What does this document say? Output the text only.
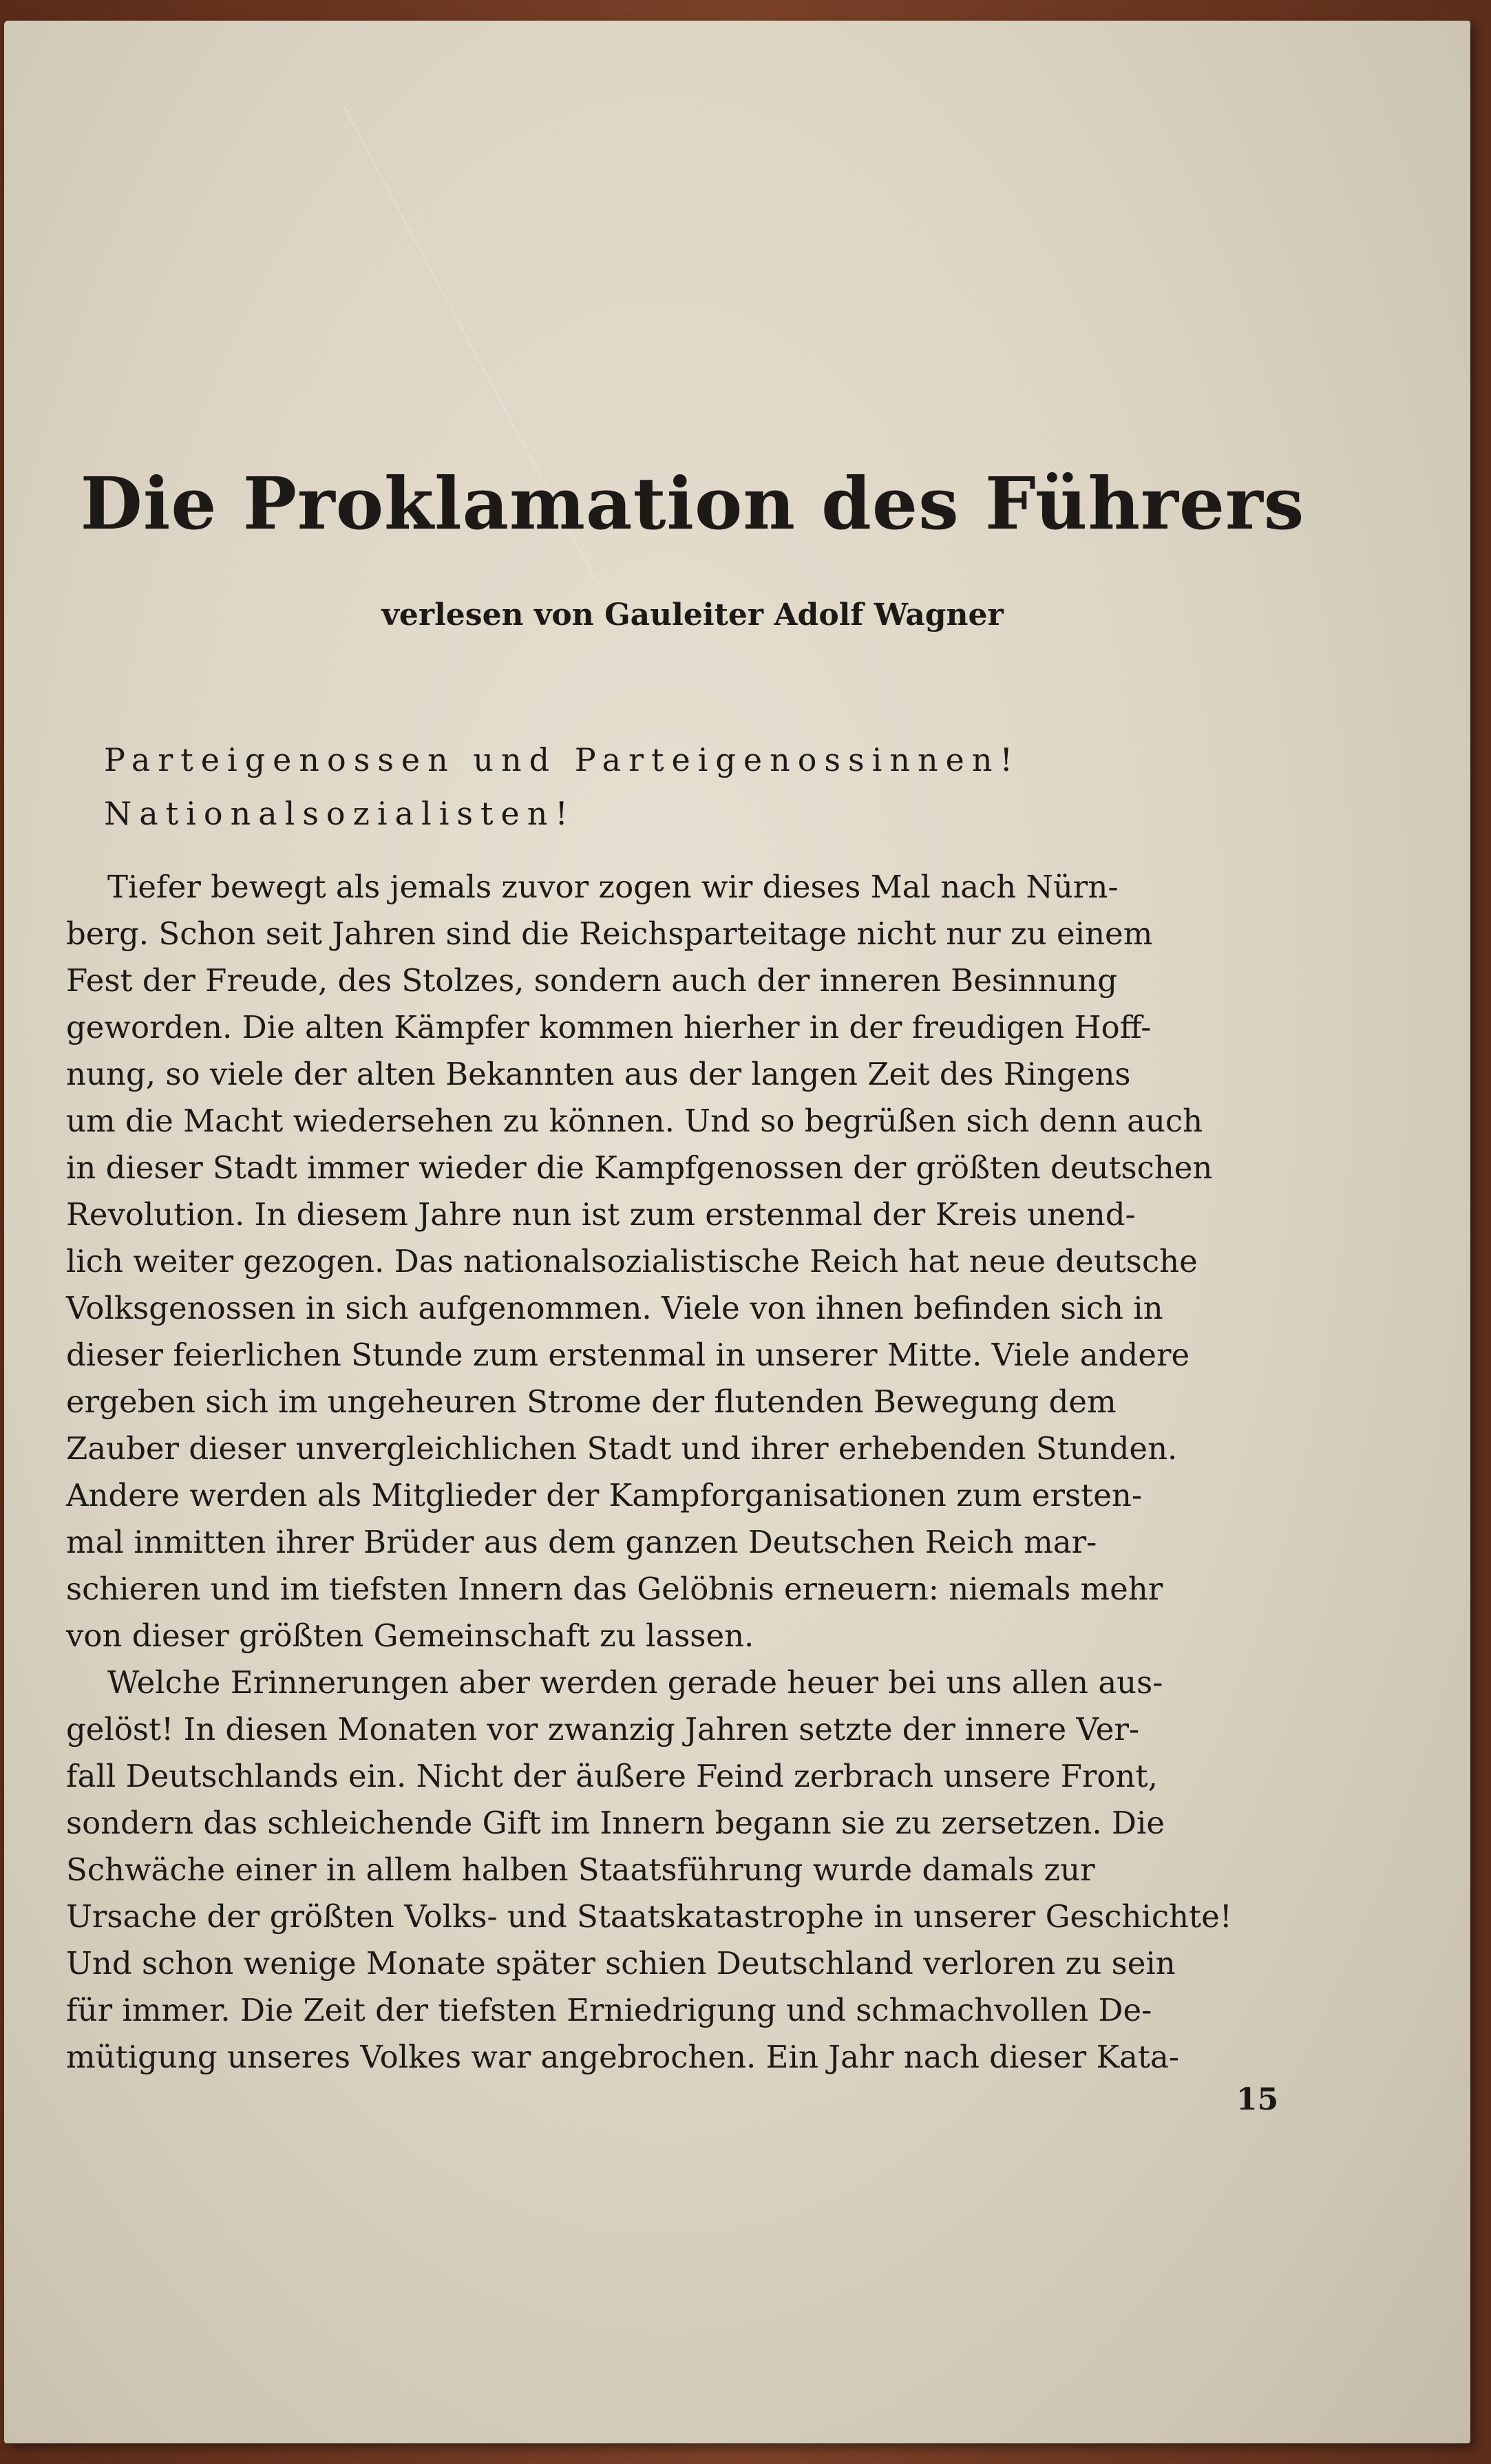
Die Proklamation des Führers
verlesen von Gauleiter Adolf Wagner
Parteigenossen und Parteigenossinnen!
Nationalsozialisten!

Tiefer bewegt als jemals zuvor zogen wir dieses Mal nach Nürn-
berg. Schon seit Jahren sind die Reichsparteitage nicht nur zu einem
Fest der Freude, des Stolzes, sondern auch der inneren Besinnung
geworden. Die alten Kämpfer kommen hierher in der freudigen Hoff-
nung, so viele der alten Bekannten aus der langen Zeit des Ringens
um die Macht wiedersehen zu können. Und so begrüßen sich denn auch
in dieser Stadt immer wieder die Kampfgenossen der größten deutschen
Revolution. In diesem Jahre nun ist zum erstenmal der Kreis unend-
lich weiter gezogen. Das nationalsozialistische Reich hat neue deutsche
Volksgenossen in sich aufgenommen. Viele von ihnen befinden sich in
dieser feierlichen Stunde zum erstenmal in unserer Mitte. Viele andere
ergeben sich im ungeheuren Strome der flutenden Bewegung dem
Zauber dieser unvergleichlichen Stadt und ihrer erhebenden Stunden.
Andere werden als Mitglieder der Kampforganisationen zum ersten-
mal inmitten ihrer Brüder aus dem ganzen Deutschen Reich mar-
schieren und im tiefsten Innern das Gelöbnis erneuern: niemals mehr
von dieser größten Gemeinschaft zu lassen.

Welche Erinnerungen aber werden gerade heuer bei uns allen aus-
gelöst! In diesen Monaten vor zwanzig Jahren setzte der innere Ver-
fall Deutschlands ein. Nicht der äußere Feind zerbrach unsere Front,
sondern das schleichende Gift im Innern begann sie zu zersetzen. Die
Schwäche einer in allem halben Staatsführung wurde damals zur
Ursache der größten Volks- und Staatskatastrophe in unserer Geschichte!
Und schon wenige Monate später schien Deutschland verloren zu sein
für immer. Die Zeit der tiefsten Erniedrigung und schmachvollen De-
mütigung unseres Volkes war angebrochen. Ein Jahr nach dieser Kata-

15
